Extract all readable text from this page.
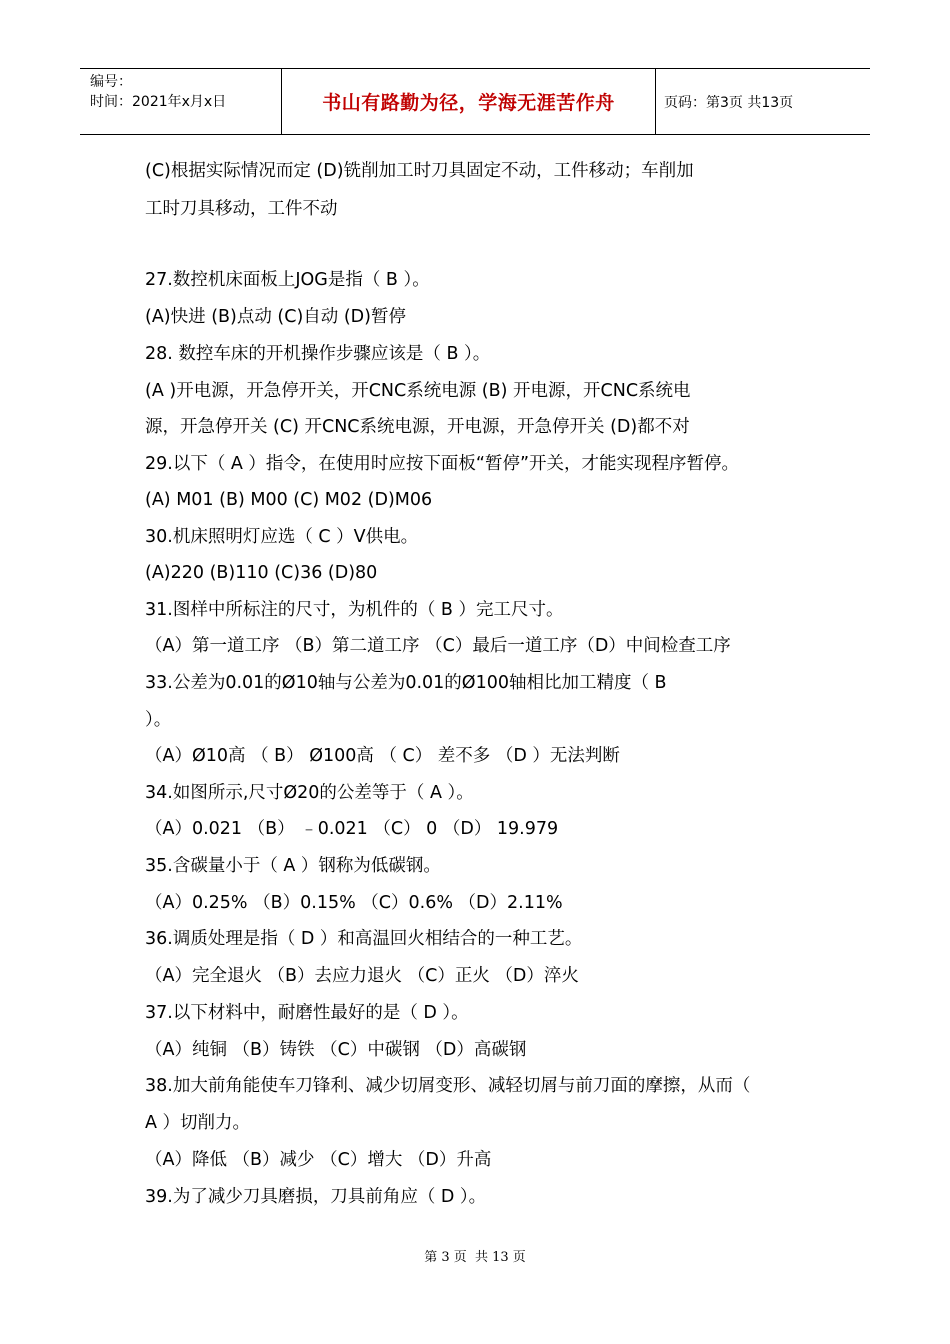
编号：
时间：2021年x月x日	书山有路勤为径，学海无涯苦作舟	页码：第3页 共13页
(C)根据实际情况而定 (D)铣削加工时刀具固定不动，工件移动；车削加
工时刀具移动，工件不动
27.数控机床面板上JOG是指（ B ）。
(A)快进 (B)点动 (C)自动 (D)暂停
28. 数控车床的开机操作步骤应该是（ B ）。
(A )开电源，开急停开关，开CNC系统电源 (B) 开电源，开CNC系统电
源，开急停开关 (C) 开CNC系统电源，开电源，开急停开关 (D)都不对
29.以下（ A ）指令，在使用时应按下面板“暂停”开关，才能实现程序暂停。
(A) M01 (B) M00 (C) M02 (D)M06
30.机床照明灯应选（ C ）V供电。
(A)220 (B)110 (C)36 (D)80
31.图样中所标注的尺寸，为机件的（ B ）完工尺寸。
（A）第一道工序 （B）第二道工序 （C）最后一道工序（D）中间检查工序
33.公差为0.01的Ø10轴与公差为0.01的Ø100轴相比加工精度（ B
）。
（A）Ø10高 （ B） Ø100高 （ C） 差不多 （D ）无法判断
34.如图所示,尺寸Ø20的公差等于（ A ）。
（A）0.021 （B） ﹣0.021 （C） 0 （D） 19.979
35.含碳量小于（ A ）钢称为低碳钢。
（A）0.25% （B）0.15% （C）0.6% （D）2.11%
36.调质处理是指（ D ）和高温回火相结合的一种工艺。
（A）完全退火 （B）去应力退火 （C）正火 （D）淬火
37.以下材料中，耐磨性最好的是（ D ）。
（A）纯铜 （B）铸铁 （C）中碳钢 （D）高碳钢
38.加大前角能使车刀锋利、减少切屑变形、减轻切屑与前刀面的摩擦，从而（
A ）切削力。
（A）降低 （B）减少 （C）增大 （D）升高
39.为了减少刀具磨损，刀具前角应（ D ）。
第 3 页  共 13 页
